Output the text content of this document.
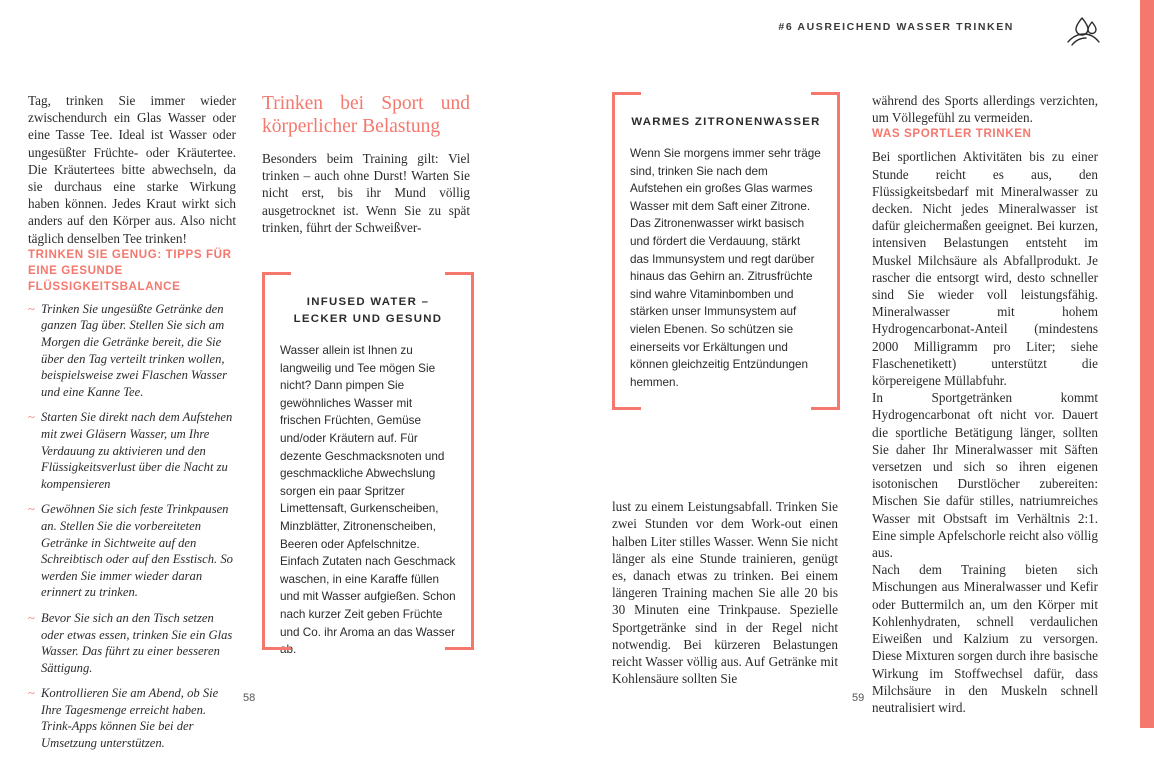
#6 AUSREICHEND WASSER TRINKEN

Tag, trinken Sie immer wieder zwischendurch ein Glas Wasser oder eine Tasse Tee. Ideal ist Wasser oder ungesüßter Früchte- oder Kräutertee. Die Kräutertees bitte abwechseln, da sie durchaus eine starke Wirkung haben können. Jedes Kraut wirkt sich anders auf den Körper aus. Also nicht täglich denselben Tee trinken!

TRINKEN SIE GENUG: TIPPS FÜR EINE GESUNDE FLÜSSIGKEITSBALANCE
~ Trinken Sie ungesüßte Getränke den ganzen Tag über. Stellen Sie sich am Morgen die Getränke bereit, die Sie über den Tag verteilt trinken wollen, beispielsweise zwei Flaschen Wasser und eine Kanne Tee.
~ Starten Sie direkt nach dem Aufstehen mit zwei Gläsern Wasser, um Ihre Verdauung zu aktivieren und den Flüssigkeitsverlust über die Nacht zu kompensieren
~ Gewöhnen Sie sich feste Trinkpausen an. Stellen Sie die vorbereiteten Getränke in Sichtweite auf den Schreibtisch oder auf den Esstisch. So werden Sie immer wieder daran erinnert zu trinken.
~ Bevor Sie sich an den Tisch setzen oder etwas essen, trinken Sie ein Glas Wasser. Das führt zu einer besseren Sättigung.
~ Kontrollieren Sie am Abend, ob Sie Ihre Tagesmenge erreicht haben. Trink-Apps können Sie bei der Umsetzung unterstützen.
Trinken bei Sport und körperlicher Belastung

Besonders beim Training gilt: Viel trinken – auch ohne Durst! Warten Sie nicht erst, bis ihr Mund völlig ausgetrocknet ist. Wenn Sie zu spät trinken, führt der Schweißver-

INFUSED WATER – LECKER UND GESUND
Wasser allein ist Ihnen zu langweilig und Tee mögen Sie nicht? Dann pimpen Sie gewöhnliches Wasser mit frischen Früchten, Gemüse und/oder Kräutern auf. Für dezente Geschmacksnoten und geschmackliche Abwechslung sorgen ein paar Spritzer Limettensaft, Gurkenscheiben, Minzblätter, Zitronenscheiben, Beeren oder Apfelschnitze. Einfach Zutaten nach Geschmack waschen, in eine Karaffe füllen und mit Wasser aufgießen. Schon nach kurzer Zeit geben Früchte und Co. ihr Aroma an das Wasser ab.
58
WARMES ZITRONENWASSER
Wenn Sie morgens immer sehr träge sind, trinken Sie nach dem Aufstehen ein großes Glas warmes Wasser mit dem Saft einer Zitrone. Das Zitronenwasser wirkt basisch und fördert die Verdauung, stärkt das Immunsystem und regt darüber hinaus das Gehirn an. Zitrusfrüchte sind wahre Vitaminbomben und stärken unser Immunsystem auf vielen Ebenen. So schützen sie einerseits vor Erkältungen und können gleichzeitig Entzündungen hemmen.

lust zu einem Leistungsabfall. Trinken Sie zwei Stunden vor dem Work-out einen halben Liter stilles Wasser. Wenn Sie nicht länger als eine Stunde trainieren, genügt es, danach etwas zu trinken. Bei einem längeren Training machen Sie alle 20 bis 30 Minuten eine Trinkpause. Spezielle Sportgetränke sind in der Regel nicht notwendig. Bei kürzeren Belastungen reicht Wasser völlig aus. Auf Getränke mit Kohlensäure sollten Sie

während des Sports allerdings verzichten, um Völlegefühl zu vermeiden.

WAS SPORTLER TRINKEN

Bei sportlichen Aktivitäten bis zu einer Stunde reicht es aus, den Flüssigkeitsbedarf mit Mineralwasser zu decken. Nicht jedes Mineralwasser ist dafür gleichermaßen geeignet. Bei kurzen, intensiven Belastungen entsteht im Muskel Milchsäure als Abfallprodukt. Je rascher die entsorgt wird, desto schneller sind Sie wieder voll leistungsfähig. Mineralwasser mit hohem Hydrogencarbonat-Anteil (mindestens 2000 Milligramm pro Liter; siehe Flaschenetikett) unterstützt die körpereigene Müllabfuhr.

In Sportgetränken kommt Hydrogencarbonat oft nicht vor. Dauert die sportliche Betätigung länger, sollten Sie daher Ihr Mineralwasser mit Säften versetzen und sich so ihren eigenen isotonischen Durstlöcher zubereiten: Mischen Sie dafür stilles, natriumreiches Wasser mit Obstsaft im Verhältnis 2:1. Eine simple Apfelschorle reicht also völlig aus.

Nach dem Training bieten sich Mischungen aus Mineralwasser und Kefir oder Buttermilch an, um den Körper mit Kohlenhydraten, schnell verdaulichen Eiweißen und Kalzium zu versorgen. Diese Mixturen sorgen durch ihre basische Wirkung im Stoffwechsel dafür, dass Milchsäure in den Muskeln schnell neutralisiert wird.

59
